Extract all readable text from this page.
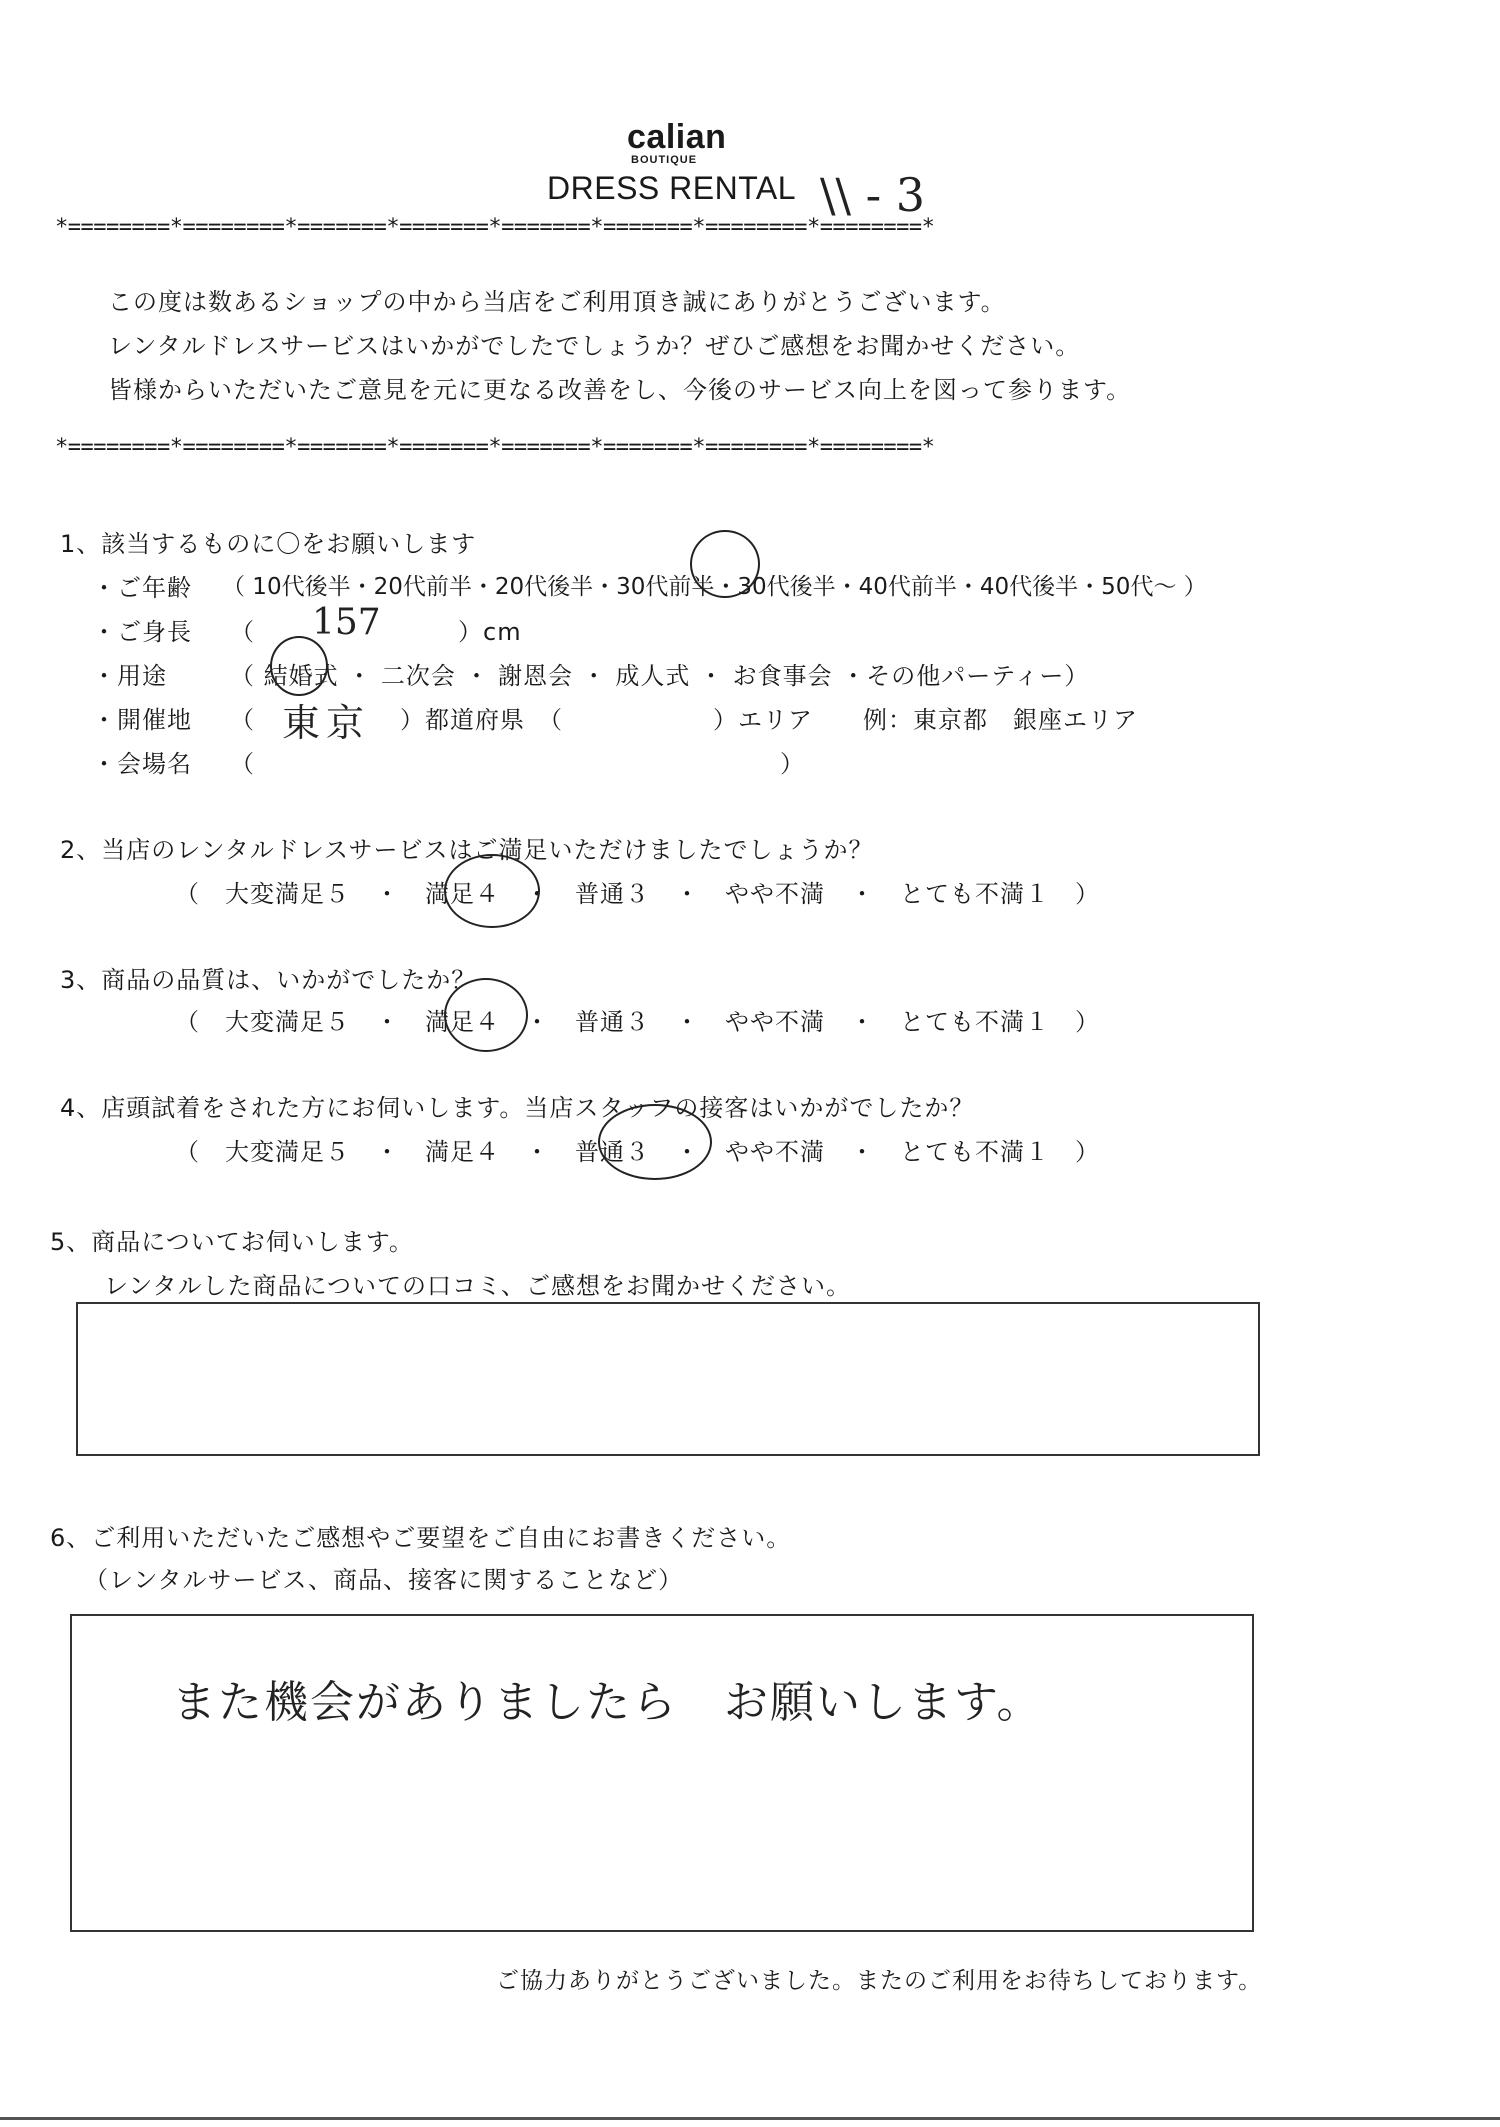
calian
BOUTIQUE
DRESS RENTAL \\ - 3
*========*========*=======*=======*=======*=======*========*========*
*========*========*=======*=======*=======*=======*========*========*
この度は数あるショップの中から当店をご利用頂き誠にありがとうございます。
レンタルドレスサービスはいかがでしたでしょうか？ぜひご感想をお聞かせください。
皆様からいただいたご意見を元に更なる改善をし、今後のサービス向上を図って参ります。
1、該当するものに〇をお願いします
・ご年齢 （ 10代後半・20代前半・20代後半・30代前半・30代後半・40代前半・40代後半・50代〜 ）
・ご身長 （ 157	）cm
・用途	（ 結婚式 ・ 二次会 ・ 謝恩会 ・ 成人式 ・ お食事会 ・その他パーティー）
・開催地 （ 東京 ）都道府県　（　　　　　　）エリア　　例：東京都　銀座エリア
・会場名 （　　　　　　　　　　　　　　　　　　　　　）
2、当店のレンタルドレスサービスはご満足いただけましたでしょうか？
（　大変満足５　・　満足４　・　普通３　・　やや不満　・　とても不満１　）
3、商品の品質は、いかがでしたか？
（　大変満足５　・　満足４　・　普通３　・　やや不満　・　とても不満１　）
4、店頭試着をされた方にお伺いします。当店スタッフの接客はいかがでしたか？
（　大変満足５　・　満足４　・　普通３　・　やや不満　・　とても不満１　）
5、商品についてお伺いします。
レンタルした商品についての口コミ、ご感想をお聞かせください。
6、ご利用いただいたご感想やご要望をご自由にお書きください。
（レンタルサービス、商品、接客に関することなど）
また機会がありましたら　お願いします。
ご協力ありがとうございました。またのご利用をお待ちしております。
